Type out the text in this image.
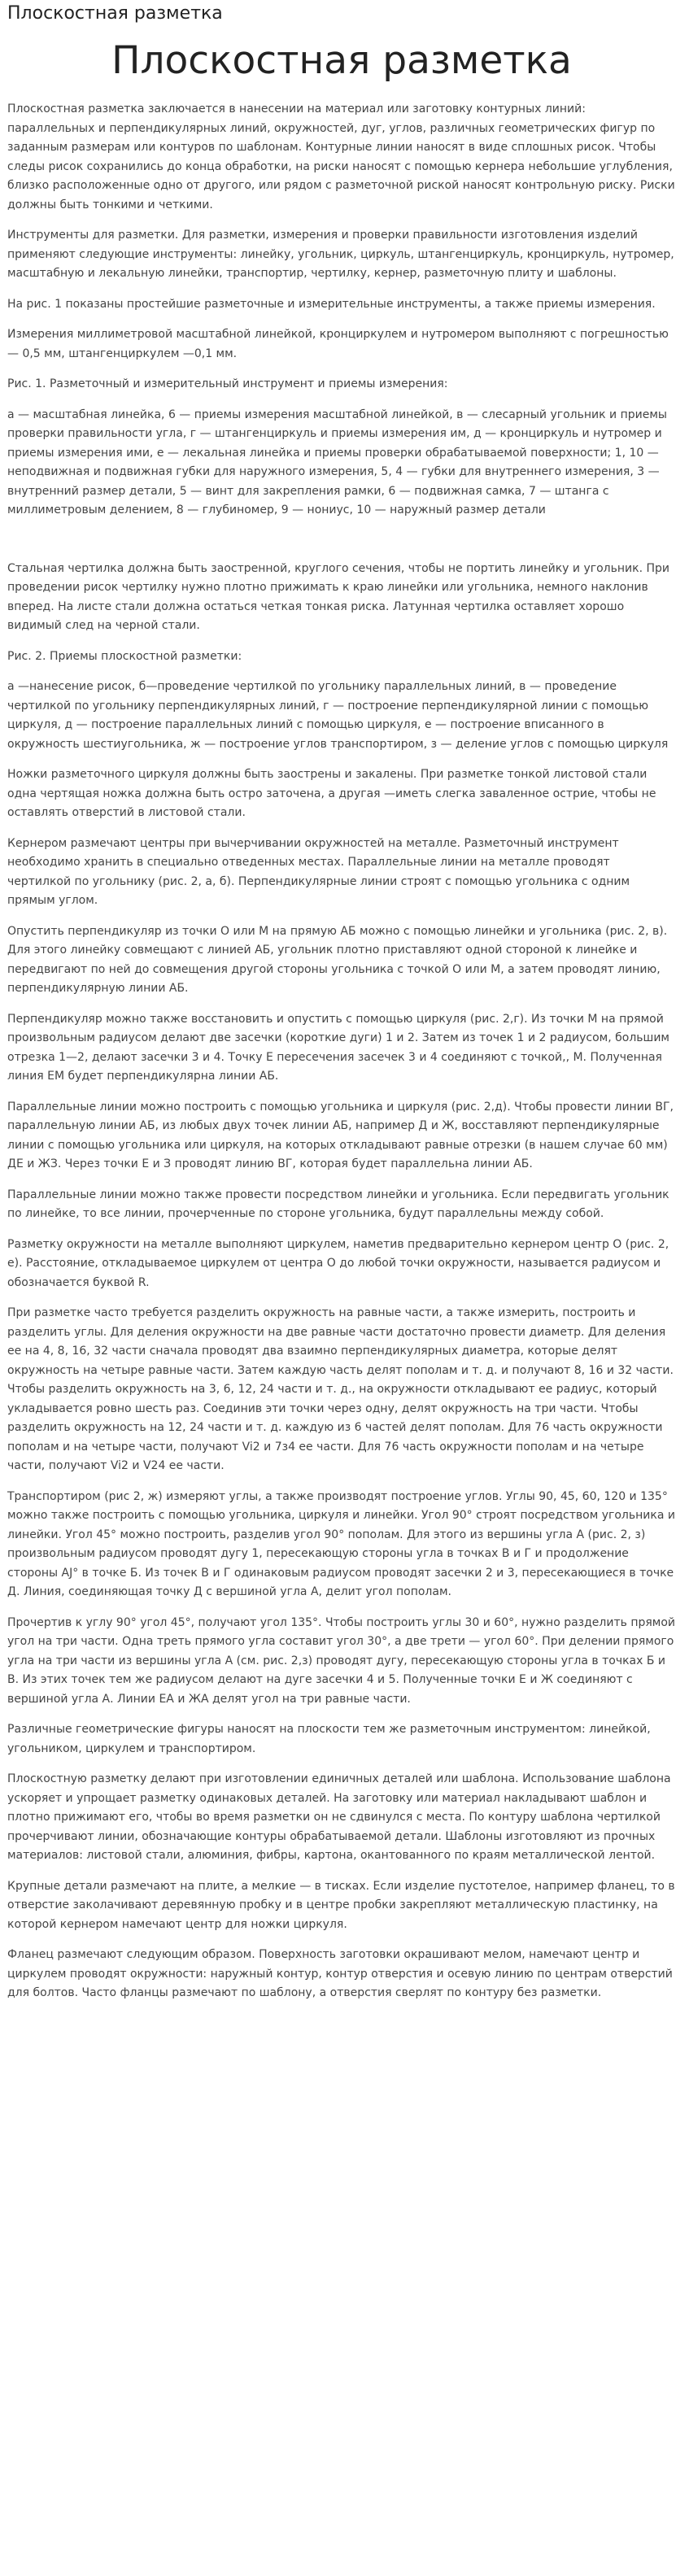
Плоскостная разметка
Плоскостная разметка

Плоскостная разметка заключается в нанесении на материал или заготовку контурных линий: параллельных и перпендикулярных линий, окружностей, дуг, углов, различных геометрических фигур по заданным размерам или контуров по шаблонам. Контурные линии наносят в виде сплошных рисок. Чтобы следы рисок сохранились до конца обработки, на риски наносят с помощью кернера небольшие углубления, близко расположенные одно от другого, или рядом с разметочной риской наносят контрольную риску. Риски должны быть тонкими и четкими.

Инструменты для разметки. Для разметки, измерения и проверки правильности изготовления изделий применяют следующие инструменты: линейку, угольник, циркуль, штангенциркуль, кронциркуль, нутромер, масштабную и лекальную линейки, транспортир, чертилку, кернер, разметочную плиту и шаблоны.

На рис. 1 показаны простейшие разметочные и измерительные инструменты, а также приемы измерения.

Измерения миллиметровой масштабной линейкой, кронциркулем и нутромером выполняют с погрешностью— 0,5 мм, штангенциркулем —0,1 мм.

Рис. 1. Разметочный и измерительный инструмент и приемы измерения:

а — масштабная линейка, 6 — приемы измерения масштабной линейкой, в — слесарный угольник и приемы проверки правильности угла, г — штангенциркуль и приемы измерения им, д — кронциркуль и нутромер и приемы измерения ими, е — лекальная линейка и приемы проверки обрабатываемой поверхности; 1, 10 — неподвижная и подвижная губки для наружного измерения, 5, 4 — губки для внутреннего измерения, 3 — внутренний размер детали, 5 — винт для закрепления рамки, 6 — подвижная самка, 7 — штанга с миллиметровым делением, 8 — глубиномер, 9 — нониус, 10 — наружный размер детали

Стальная чертилка должна быть заостренной, круглого сечения, чтобы не портить линейку и угольник. При проведении рисок чертилку нужно плотно прижимать к краю линейки или угольника, немного наклонив вперед. На листе стали должна остаться четкая тонкая риска. Латунная чертилка оставляет хорошо видимый след на черной стали.

Рис. 2. Приемы плоскостной разметки:

а —нанесение рисок, б—проведение чертилкой по угольнику параллельных линий, в — проведение чертилкой по угольнику перпендикулярных линий, г — построение перпендикулярной линии с помощью циркуля, д — построение параллельных линий с помощью циркуля, е — построение вписанного в окружность шестиугольника, ж — построение углов транспортиром, з — деление углов с помощью циркуля

Ножки разметочного циркуля должны быть заострены и закалены. При разметке тонкой листовой стали одна чертящая ножка должна быть остро заточена, а другая —иметь слегка заваленное острие, чтобы не оставлять отверстий в листовой стали.

Кернером размечают центры при вычерчивании окружностей на металле. Разметочный инструмент необходимо хранить в специально отведенных местах. Параллельные линии на металле проводят чертилкой по угольнику (рис. 2, а, б). Перпендикулярные линии строят с помощью угольника с одним прямым углом.

Опустить перпендикуляр из точки О или М на прямую АБ можно с помощью линейки и угольника (рис. 2, в). Для этого линейку совмещают с линией АБ, угольник плотно приставляют одной стороной к линейке и передвигают по ней до совмещения другой стороны угольника с точкой О или М, а затем проводят линию, перпендикулярную линии АБ.

Перпендикуляр можно также восстановить и опустить с помощью циркуля (рис. 2,г). Из точки М на прямой произвольным радиусом делают две засечки (короткие дуги) 1 и 2. Затем из точек 1 и 2 радиусом, большим отрезка 1—2, делают засечки 3 и 4. Точку Е пересечения засечек 3 и 4 соединяют с точкой,, М. Полученная линия ЕМ будет перпендикулярна линии АБ.

Параллельные линии можно построить с помощью угольника и циркуля (рис. 2,д). Чтобы провести линии ВГ, параллельную линии АБ, из любых двух точек линии АБ, например Д и Ж, восставляют перпендикулярные линии с помощью угольника или циркуля, на которых откладывают равные отрезки (в нашем случае 60 мм) ДЕ и ЖЗ. Через точки Е и З проводят линию ВГ, которая будет параллельна линии АБ.

Параллельные линии можно также провести посредством линейки и угольника. Если передвигать угольник по линейке, то все линии, прочерченные по стороне угольника, будут параллельны между собой.

Разметку окружности на металле выполняют циркулем, наметив предварительно кернером центр О (рис. 2, е). Расстояние, откладываемое циркулем от центра О до любой точки окружности, называется радиусом и обозначается буквой R.

При разметке часто требуется разделить окружность на равные части, а также измерить, построить и разделить углы. Для деления окружности на две равные части достаточно провести диаметр. Для деления ее на 4, 8, 16, 32 части сначала проводят два взаимно перпендикулярных диаметра, которые делят окружность на четыре равные части. Затем каждую часть делят пополам и т. д. и получают 8, 16 и 32 части. Чтобы разделить окружность на 3, 6, 12, 24 части и т. д., на окружности откладывают ее радиус, который укладывается ровно шесть раз. Соединив эти точки через одну, делят окружность на три части. Чтобы разделить окружность на 12, 24 части и т. д. каждую из 6 частей делят пополам. Для 76 часть окружности пополам и на четыре части, получают Vi2 и 7з4 ее части. Для 76 часть окружности пополам и на четыре части, получают Vi2 и V24 ее части.

Транспортиром (рис 2, ж) измеряют углы, а также производят построение углов. Углы 90, 45, 60, 120 и 135° можно также построить с помощью угольника, циркуля и линейки. Угол 90° строят посредством угольника и линейки. Угол 45° можно построить, разделив угол 90° пополам. Для этого из вершины угла А (рис. 2, з) произвольным радиусом проводят дугу 1, пересекающую стороны угла в точках В и Г и продолжение стороны АJ° в точке Б. Из точек В и Г одинаковым радиусом проводят засечки 2 и 3, пересекающиеся в точке Д. Линия, соединяющая точку Д с вершиной угла А, делит угол пополам.

Прочертив к углу 90° угол 45°, получают угол 135°. Чтобы построить углы 30 и 60°, нужно разделить прямой угол на три части. Одна треть прямого угла составит угол 30°, а две трети — угол 60°. При делении прямого угла на три части из вершины угла А (см. рис. 2,з) проводят дугу, пересекающую стороны угла в точках Б и В. Из этих точек тем же радиусом делают на дуге засечки 4 и 5. Полученные точки Е и Ж соединяют с вершиной угла А. Линии ЕА и ЖА делят угол на три равные части.

Различные геометрические фигуры наносят на плоскости тем же разметочным инструментом: линейкой, угольником, циркулем и транспортиром.

Плоскостную разметку делают при изготовлении единичных деталей или шаблона. Использование шаблона ускоряет и упрощает разметку одинаковых деталей. На заготовку или материал накладывают шаблон и плотно прижимают его, чтобы во время разметки он не сдвинулся с места. По контуру шаблона чертилкой прочерчивают линии, обозначающие контуры обрабатываемой детали. Шаблоны изготовляют из прочных материалов: листовой стали, алюминия, фибры, картона, окантованного по краям металлической лентой.

Крупные детали размечают на плите, а мелкие — в тисках. Если изделие пустотелое, например фланец, то в отверстие заколачивают деревянную пробку и в центре пробки закрепляют металлическую пластинку, на которой кернером намечают центр для ножки циркуля.

Фланец размечают следующим образом. Поверхность заготовки окрашивают мелом, намечают центр и циркулем проводят окружности: наружный контур, контур отверстия и осевую линию по центрам отверстий для болтов. Часто фланцы размечают по шаблону, а отверстия сверлят по контуру без разметки.
